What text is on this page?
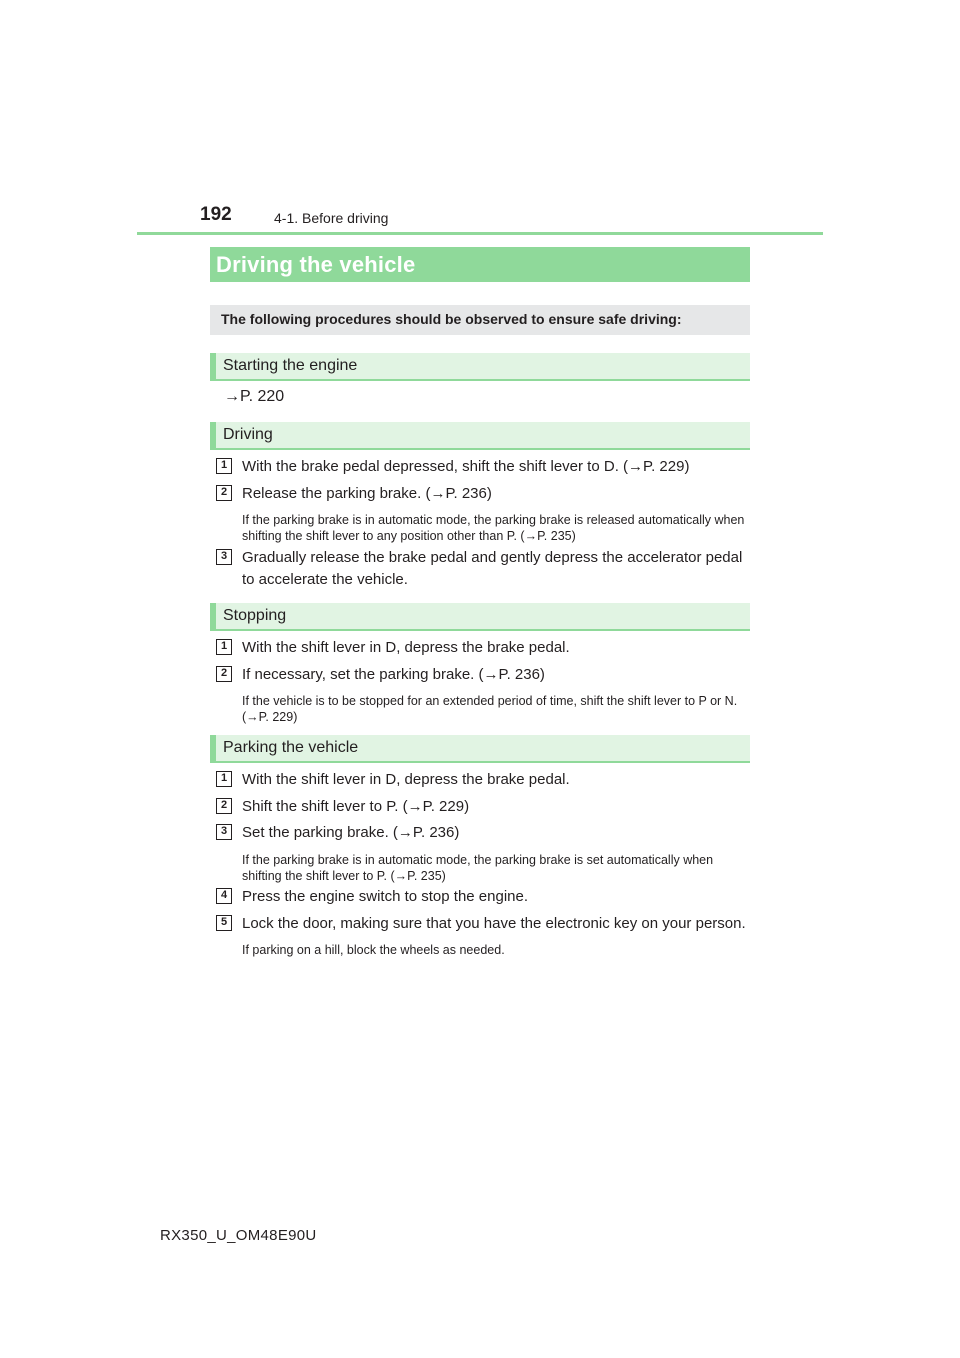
192	4-1. Before driving
Driving the vehicle
The following procedures should be observed to ensure safe driving:
Starting the engine
→P. 220
Driving
1 With the brake pedal depressed, shift the shift lever to D. (→P. 229)
2 Release the parking brake. (→P. 236)
If the parking brake is in automatic mode, the parking brake is released automatically when shifting the shift lever to any position other than P. (→P. 235)
3 Gradually release the brake pedal and gently depress the accelerator pedal to accelerate the vehicle.
Stopping
1 With the shift lever in D, depress the brake pedal.
2 If necessary, set the parking brake. (→P. 236)
If the vehicle is to be stopped for an extended period of time, shift the shift lever to P or N. (→P. 229)
Parking the vehicle
1 With the shift lever in D, depress the brake pedal.
2 Shift the shift lever to P. (→P. 229)
3 Set the parking brake. (→P. 236)
If the parking brake is in automatic mode, the parking brake is set automatically when shifting the shift lever to P. (→P. 235)
4 Press the engine switch to stop the engine.
5 Lock the door, making sure that you have the electronic key on your person.
If parking on a hill, block the wheels as needed.
RX350_U_OM48E90U
